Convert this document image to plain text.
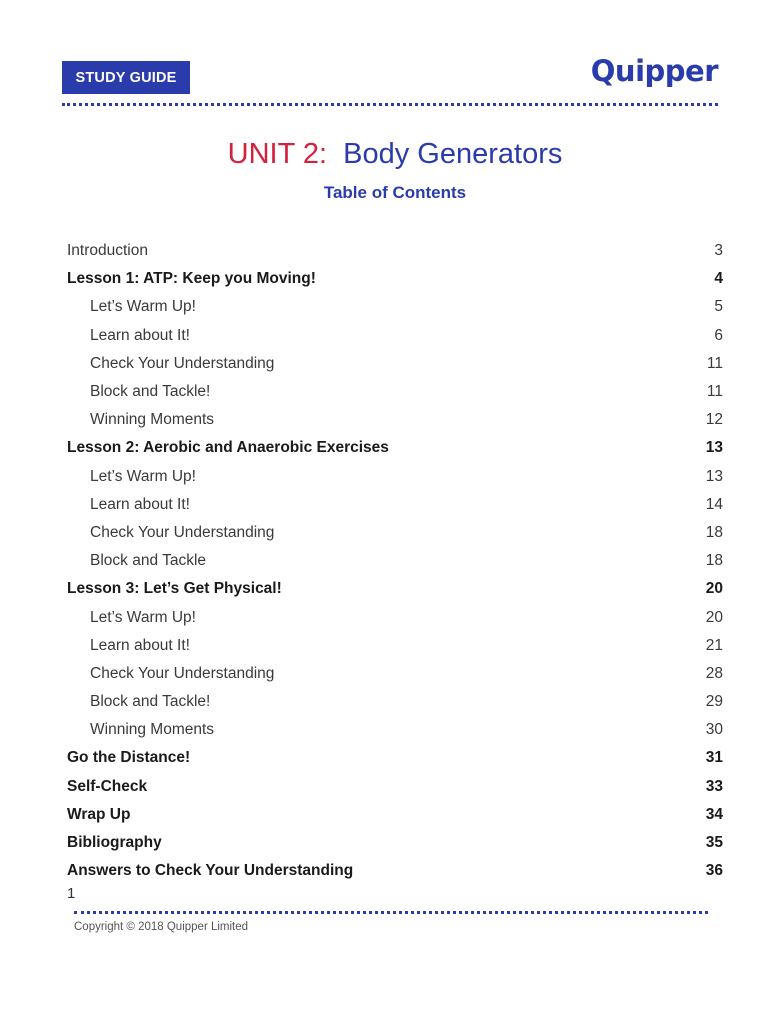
STUDY GUIDE	Quipper
UNIT 2: Body Generators
Table of Contents
Introduction	3
Lesson 1: ATP: Keep you Moving!	4
Let’s Warm Up!	5
Learn about It!	6
Check Your Understanding	11
Block and Tackle!	11
Winning Moments	12
Lesson 2: Aerobic and Anaerobic Exercises	13
Let’s Warm Up!	13
Learn about It!	14
Check Your Understanding	18
Block and Tackle	18
Lesson 3: Let’s Get Physical!	20
Let’s Warm Up!	20
Learn about It!	21
Check Your Understanding	28
Block and Tackle!	29
Winning Moments	30
Go the Distance!	31
Self-Check	33
Wrap Up	34
Bibliography	35
Answers to Check Your Understanding	36
1
Copyright © 2018 Quipper Limited
